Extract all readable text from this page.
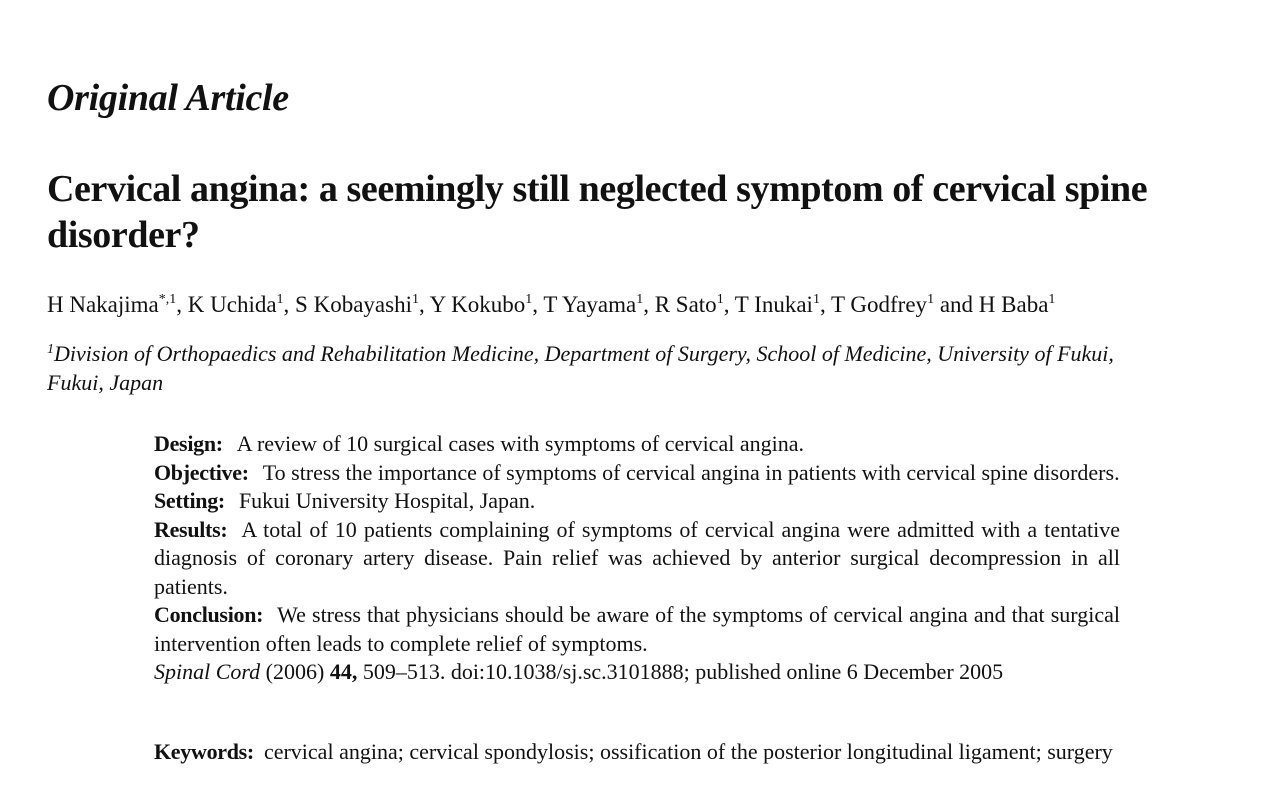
Original Article
Cervical angina: a seemingly still neglected symptom of cervical spine disorder?
H Nakajima$^{*,1}$, K Uchida$^1$, S Kobayashi$^1$, Y Kokubo$^1$, T Yayama$^1$, R Sato$^1$, T Inukai$^1$, T Godfrey$^1$ and H Baba$^1$
$^1$Division of Orthopaedics and Rehabilitation Medicine, Department of Surgery, School of Medicine, University of Fukui, Fukui, Japan

Design: A review of 10 surgical cases with symptoms of cervical angina.

Objective: To stress the importance of symptoms of cervical angina in patients with cervical spine disorders.

Setting: Fukui University Hospital, Japan.

Results: A total of 10 patients complaining of symptoms of cervical angina were admitted with a tentative diagnosis of coronary artery disease. Pain relief was achieved by anterior surgical decompression in all patients.

Conclusion: We stress that physicians should be aware of the symptoms of cervical angina and that surgical intervention often leads to complete relief of symptoms.

Spinal Cord (2006) 44, 509–513. doi:10.1038/sj.sc.3101888; published online 6 December 2005

Keywords: cervical angina; cervical spondylosis; ossification of the posterior longitudinal ligament; surgery
